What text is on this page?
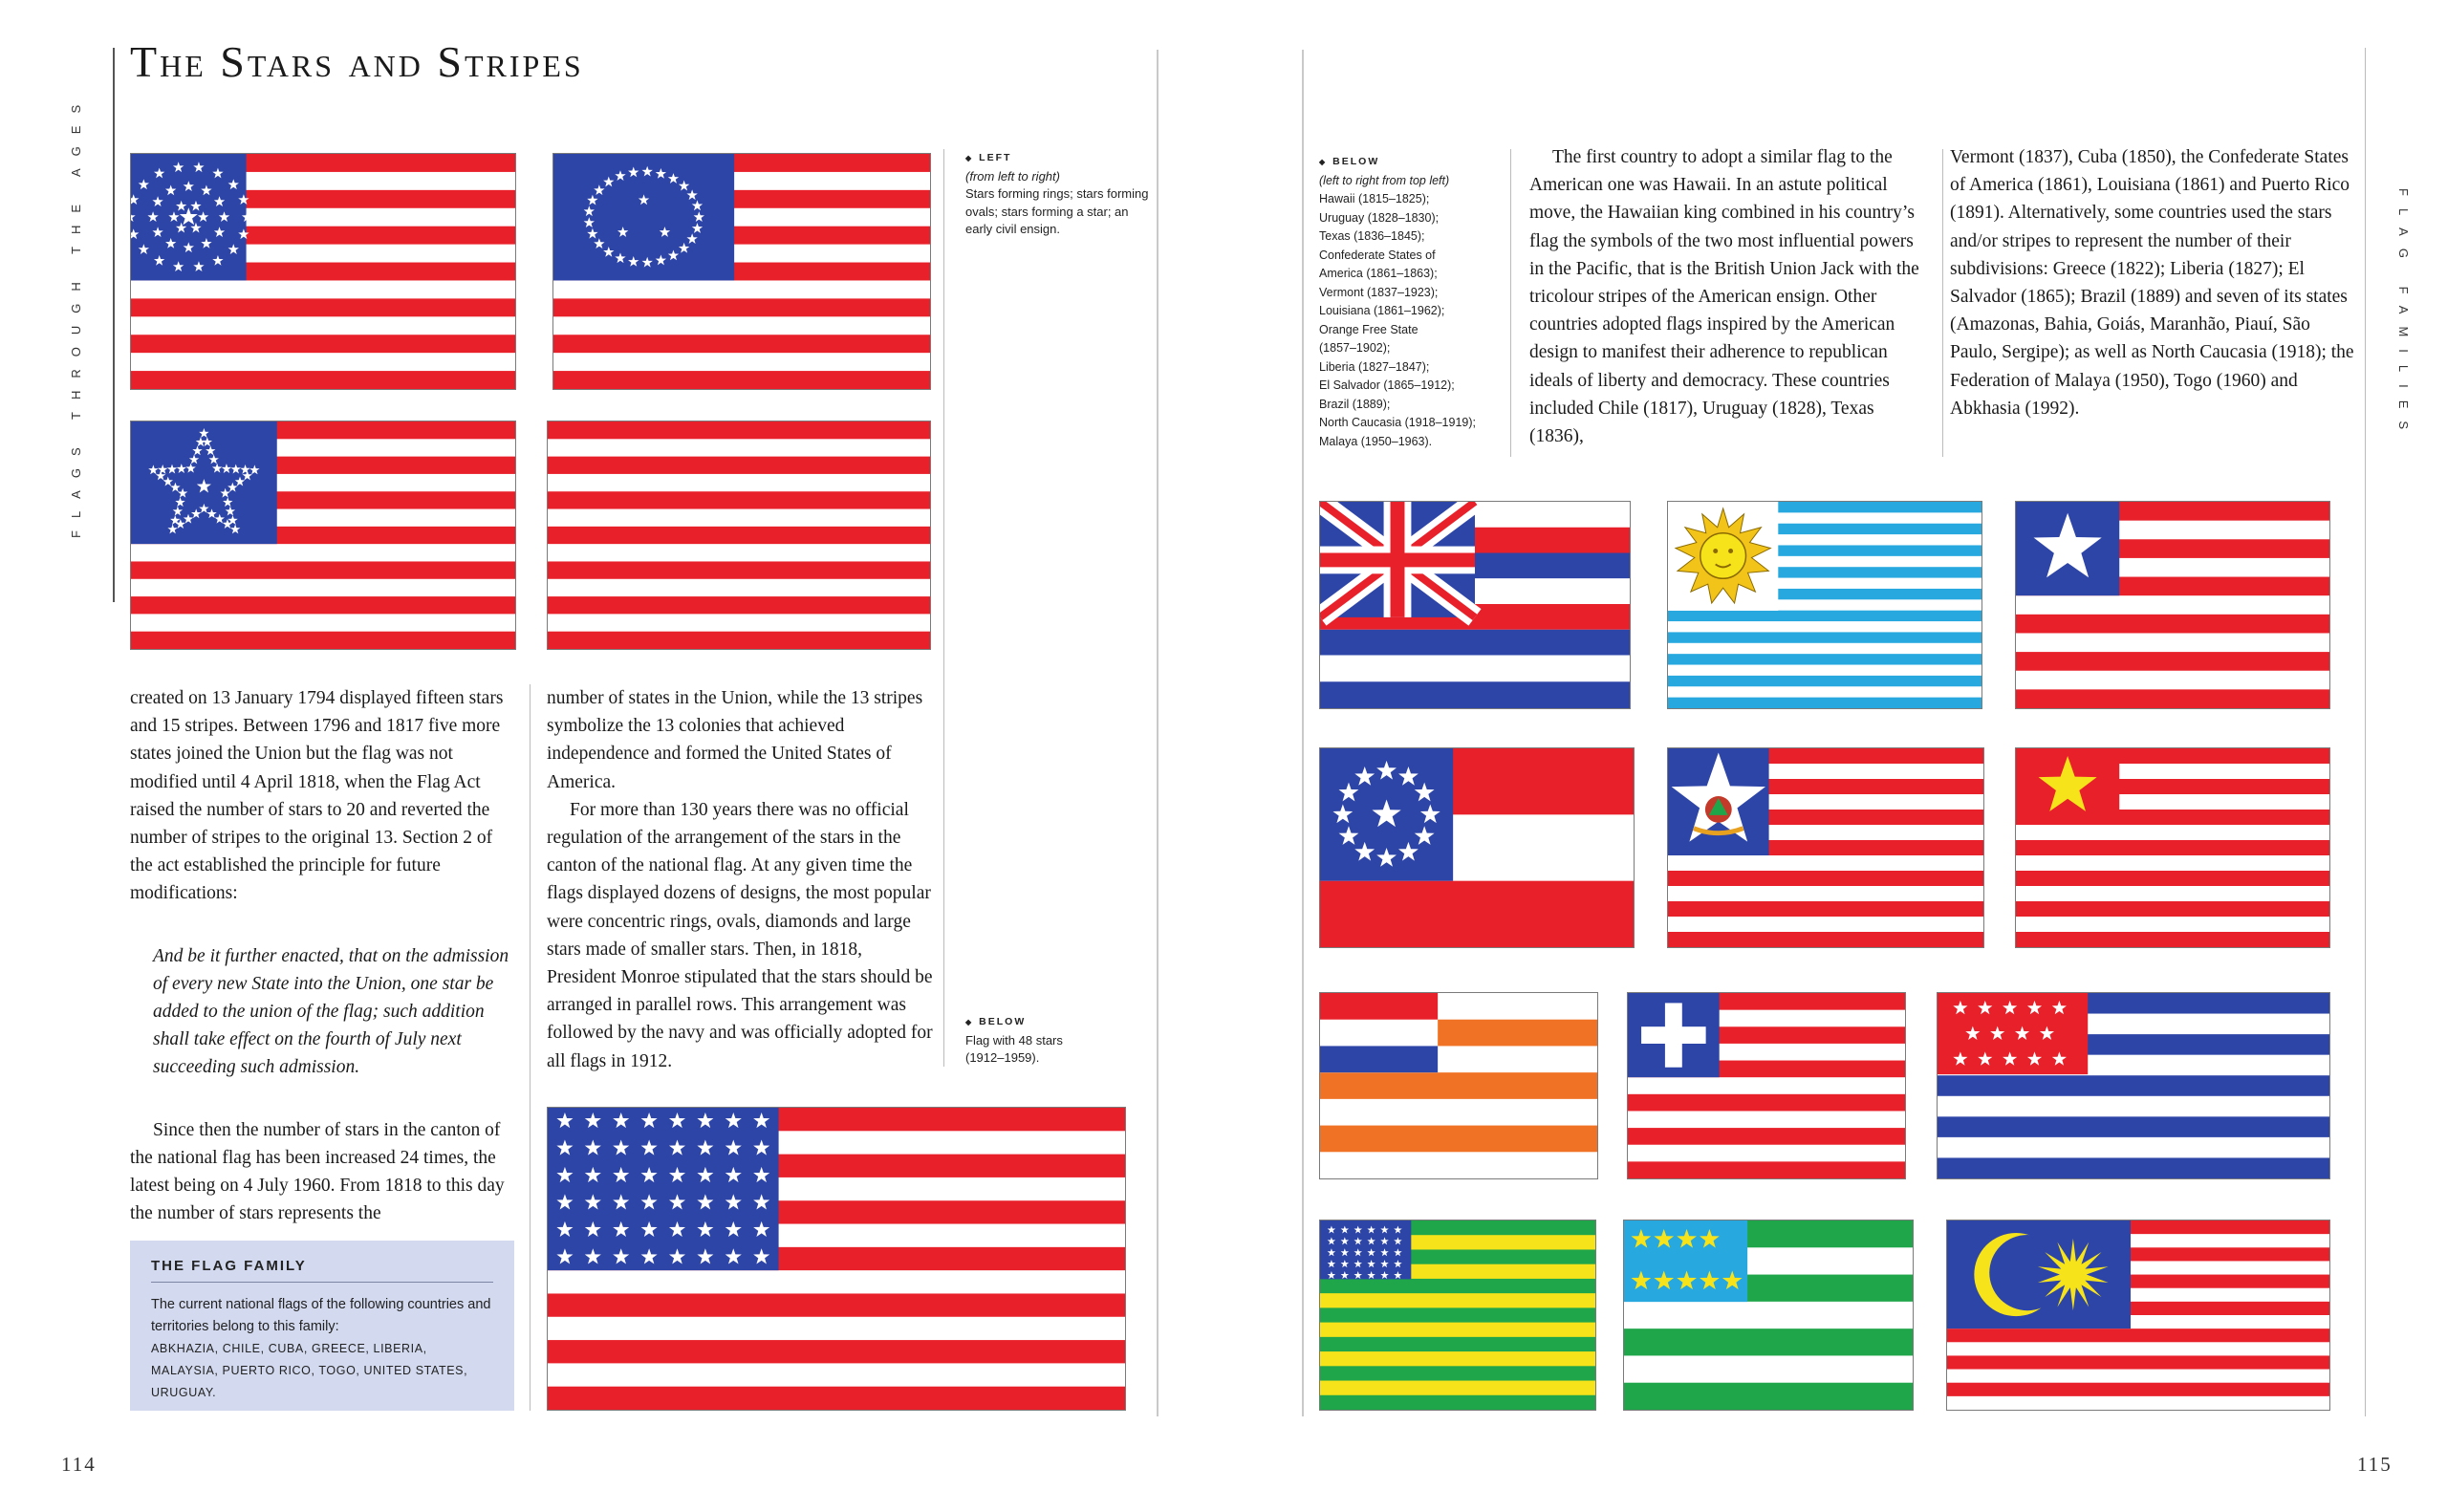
FLAGS THROUGH THE AGES
The Stars and Stripes
◆ LEFT
(from left to right)
Stars forming rings; stars forming ovals; stars forming a star; an early civil ensign.

created on 13 January 1794 displayed fifteen stars and 15 stripes. Between 1796 and 1817 five more states joined the Union but the flag was not modified until 4 April 1818, when the Flag Act raised the number of stars to 20 and reverted the number of stripes to the original 13. Section 2 of the act established the principle for future modifications:

And be it further enacted, that on the admission of every new State into the Union, one star be added to the union of the flag; such addition shall take effect on the fourth of July next succeeding such admission.

Since then the number of stars in the canton of the national flag has been increased 24 times, the latest being on 4 July 1960. From 1818 to this day the number of stars represents the

number of states in the Union, while the 13 stripes symbolize the 13 colonies that achieved independence and formed the United States of America.

For more than 130 years there was no official regulation of the arrangement of the stars in the canton of the national flag. At any given time the flags displayed dozens of designs, the most popular were concentric rings, ovals, diamonds and large stars made of smaller stars. Then, in 1818, President Monroe stipulated that the stars should be arranged in parallel rows. This arrangement was followed by the navy and was officially adopted for all flags in 1912.

◆ BELOW
Flag with 48 stars (1912–1959).
THE FLAG FAMILY
The current national flags of the following countries and territories belong to this family:
ABKHAZIA, CHILE, CUBA, GREECE, LIBERIA, MALAYSIA, PUERTO RICO, TOGO, UNITED STATES, URUGUAY.
114
◆ BELOW
(left to right from top left)
Hawaii (1815–1825);
Uruguay (1828–1830);
Texas (1836–1845);
Confederate States of
America (1861–1863);
Vermont (1837–1923);
Louisiana (1861–1962);
Orange Free State
(1857–1902);
Liberia (1827–1847);
El Salvador (1865–1912);
Brazil (1889);
North Caucasia (1918–1919);
Malaya (1950–1963).

The first country to adopt a similar flag to the American one was Hawaii. In an astute political move, the Hawaiian king combined in his country’s flag the symbols of the two most influential powers in the Pacific, that is the British Union Jack with the tricolour stripes of the American ensign. Other countries adopted flags inspired by the American design to manifest their adherence to republican ideals of liberty and democracy. These countries included Chile (1817), Uruguay (1828), Texas (1836),

Vermont (1837), Cuba (1850), the Confederate States of America (1861), Louisiana (1861) and Puerto Rico (1891). Alternatively, some countries used the stars and/or stripes to represent the number of their subdivisions: Greece (1822); Liberia (1827); El Salvador (1865); Brazil (1889) and seven of its states (Amazonas, Bahia, Goiás, Maranhão, Piauí, São Paulo, Sergipe); as well as North Caucasia (1918); the Federation of Malaya (1950), Togo (1960) and Abkhasia (1992).	FLAG FAMILIES
115
